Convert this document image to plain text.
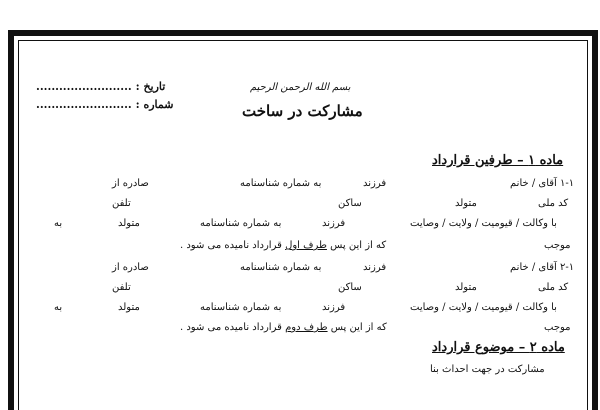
بسم الله الرحمن الرحيم
مشارکت در ساخت
تاریخ : .........................
شماره : .........................
ماده ۱ – طرفین قرارداد
۱-۱ آقای / خانم
فرزند
به شماره شناسنامه
صادره از
کد ملی
متولد
ساکن
تلفن
با وکالت / قیومیت / ولایت / وصایت
فرزند
به شماره شناسنامه
متولد
به
موجب
که از این پس طرف اول قرارداد نامیده می شود .
۲-۱ آقای / خانم
فرزند
به شماره شناسنامه
صادره از
کد ملی
متولد
ساکن
تلفن
با وکالت / قیومیت / ولایت / وصایت
فرزند
به شماره شناسنامه
متولد
به
موجب
که از این پس طرف دوم قرارداد نامیده می شود .
ماده ۲ – موضوع قرارداد
مشارکت در جهت احداث بنا
